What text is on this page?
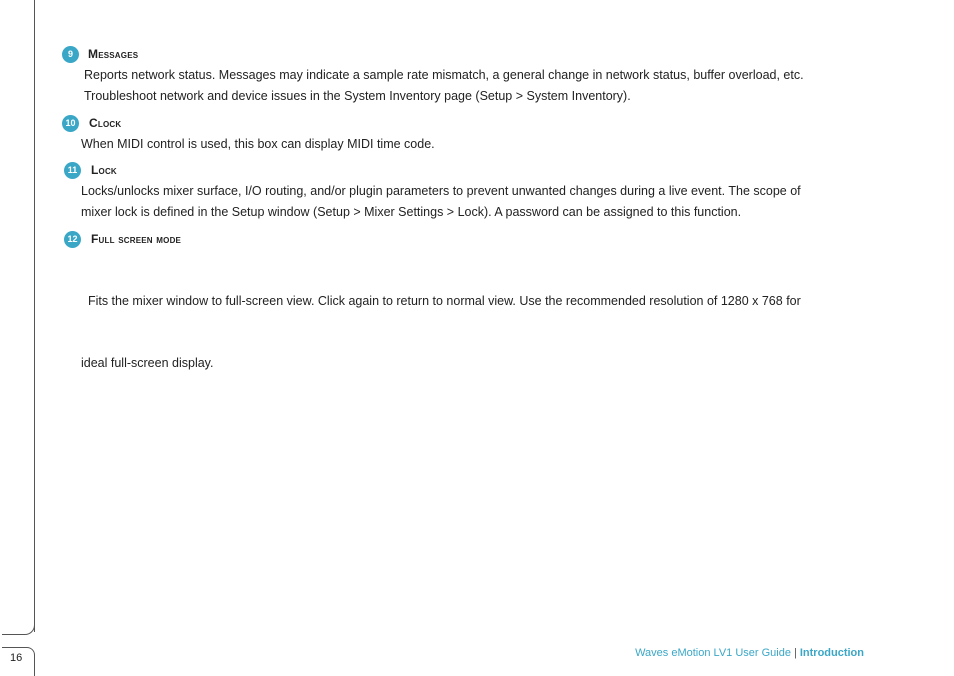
16
9	Messages
Reports network status. Messages may indicate a sample rate mismatch, a general change in network status, buffer overload, etc.
Troubleshoot network and device issues in the System Inventory page (Setup > System Inventory).
10 Clock
When MIDI control is used, this box can display MIDI time code.
11	Lock
Locks/unlocks mixer surface, I/O routing, and/or plugin parameters to prevent unwanted changes during a live event. The scope of
mixer lock is defined in the Setup window (Setup > Mixer Settings > Lock). A password can be assigned to this function.
12 Full screen mode

Fits the mixer window to full-screen view. Click again to return to normal view. Use the recommended resolution of 1280 x 768 for

ideal full-screen display.

Waves eMotion LV1 User Guide | Introduction
